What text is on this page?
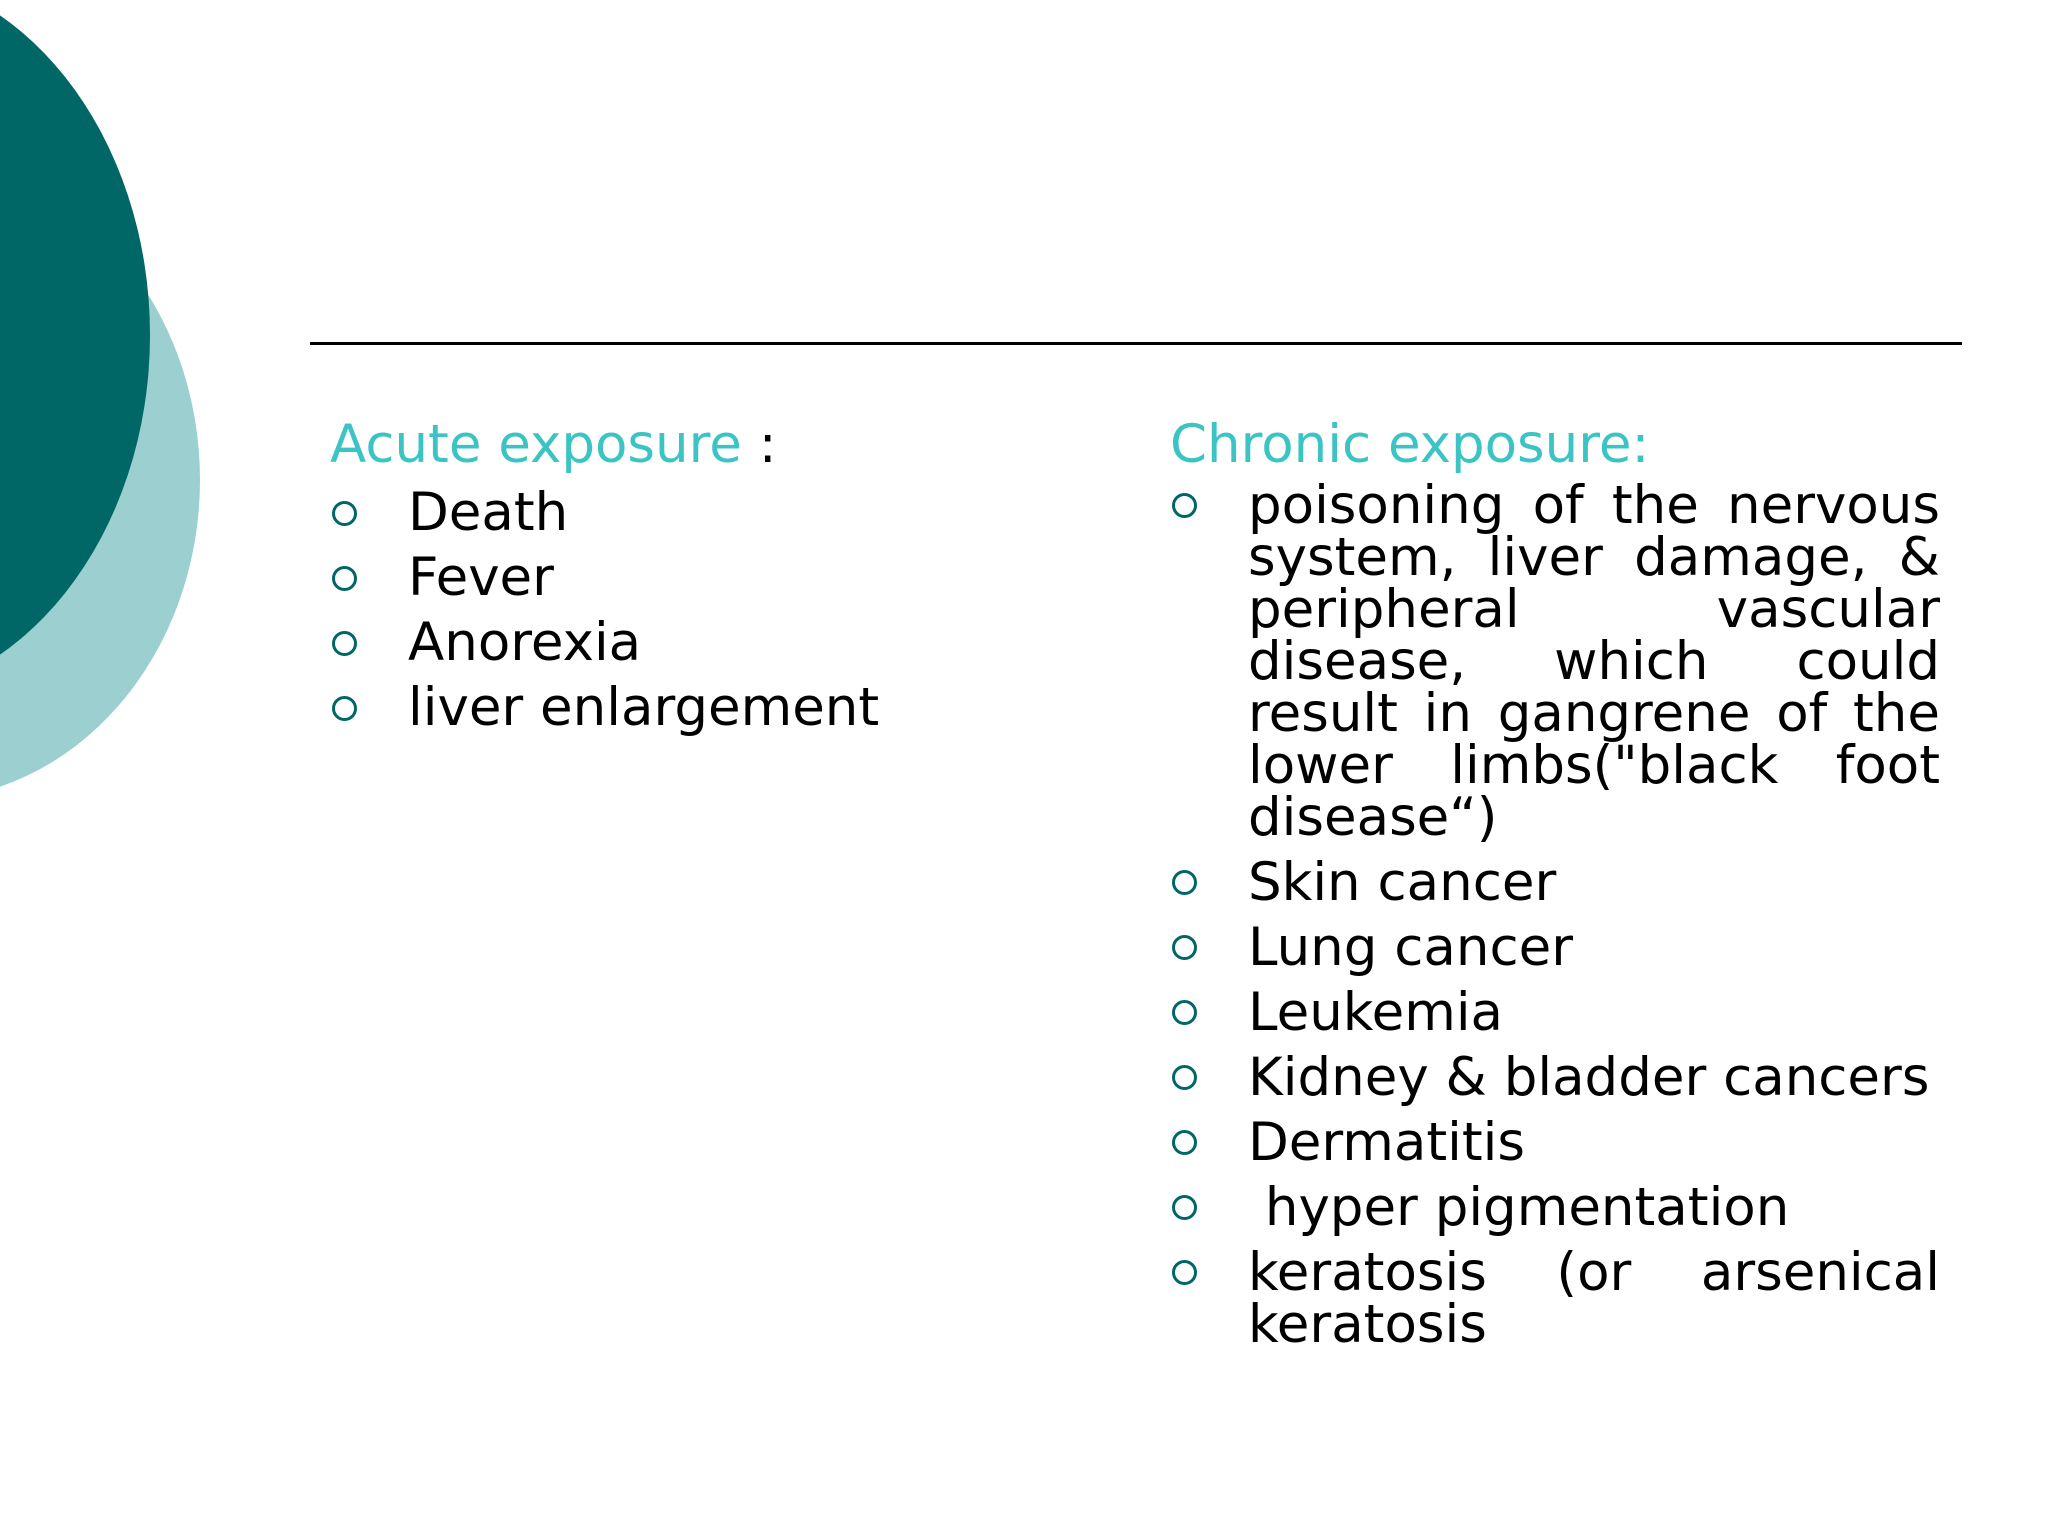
Acute exposure :

Death
Fever
Anorexia
liver enlargement

Chronic exposure:

poisoning of the nervous system, liver damage, & peripheral vascular disease, which could result in gangrene of the lower limbs("black foot disease“)
Skin cancer
Lung cancer
Leukemia
Kidney & bladder cancers
Dermatitis
hyper pigmentation
keratosis (or arsenical keratosis
